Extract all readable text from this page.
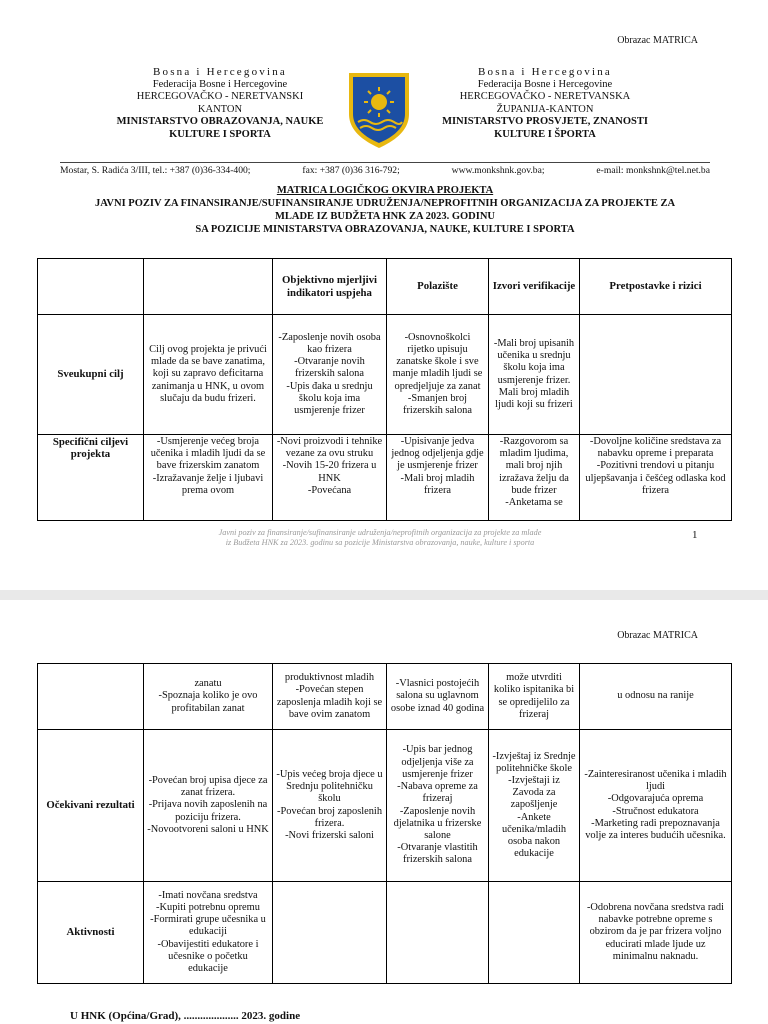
Obrazac MATRICA
Bosna i Hercegovina
Federacija Bosne i Hercegovine
HERCEGOVAČKO - NERETVANSKI
KANTON
MINISTARSTVO OBRAZOVANJA, NAUKE
KULTURE I SPORTA
Bosna i Hercegovina
Federacija Bosne i Hercegovine
HERCEGOVAČKO - NERETVANSKA
ŽUPANIJA-KANTON
MINISTARSTVO PROSVJETE, ZNANOSTI
KULTURE I ŠPORTA
Mostar, S. Radića 3/III, tel.: +387 (0)36-334-400;	fax: +387 (0)36 316-792;	www.monkshnk.gov.ba;	e-mail: monkshnk@tel.net.ba
MATRICA LOGIČKOG OKVIRA PROJEKTA
JAVNI POZIV ZA FINANSIRANJE/SUFINANSIRANJE UDRUŽENJA/NEPROFITNIH ORGANIZACIJA ZA PROJEKTE ZA
MLADE IZ BUDŽETA HNK ZA 2023. GODINU
SA POZICIJE MINISTARSTVA OBRAZOVANJA, NAUKE, KULTURE I SPORTA
		Objektivno mjerljivi indikatori uspjeha	Polazište	Izvori verifikacije	Pretpostavke i rizici
Sveukupni cilj	Cilj ovog projekta je privući mlade da se bave zanatima, koji su zapravo deficitarna zanimanja u HNK, u ovom slučaju da budu frizeri.	-Zaposlenje novih osoba kao frizera
-Otvaranje novih frizerskih salona
-Upis đaka u srednju školu koja ima usmjerenje frizer	-Osnovnoškolci rijetko upisuju zanatske škole i sve manje mladih ljudi se opredjeljuje za zanat
-Smanjen broj frizerskih salona	-Mali broj upisanih učenika u srednju školu koja ima usmjerenje frizer.
Mali broj mladih ljudi koji su frizeri	
Specifični ciljevi projekta	-Usmjerenje većeg broja učenika i mladih ljudi da se bave frizerskim zanatom
-Izražavanje želje i ljubavi prema ovom	-Novi proizvodi i tehnike vezane za ovu struku
-Novih 15-20 frizera u HNK
-Povećana	-Upisivanje jedva jednog odjeljenja gdje je usmjerenje frizer
-Mali broj mladih frizera	-Razgovorom sa mladim ljudima, mali broj njih izražava želju da bude frizer
-Anketama se	-Dovoljne količine sredstava za nabavku opreme i preparata
-Pozitivni trendovi u pitanju uljepšavanja i češćeg odlaska kod frizera
Javni poziv za finansiranje/sufinansiranje udruženja/neprofitnih organizacija za projekte za mlade
iz Budžeta HNK za 2023. godinu sa pozicije Ministarstva obrazovanja, nauke, kulture i sporta
1
Obrazac MATRICA
	zanatu
-Spoznaja koliko je ovo profitabilan zanat	produktivnost mladih
-Povećan stepen zaposlenja mladih koji se bave ovim zanatom	-Vlasnici postojećih salona su uglavnom osobe iznad 40 godina	može utvrditi koliko ispitanika bi se opredijelilo za frizeraj	u odnosu na ranije
Očekivani rezultati	-Povećan broj upisa djece za zanat frizera.
-Prijava novih zaposlenih na poziciju frizera.
-Novootvoreni saloni u HNK	-Upis većeg broja djece u Srednju politehničku školu
-Povećan broj zaposlenih frizera.
-Novi frizerski saloni	-Upis bar jednog odjeljenja više za usmjerenje frizer
-Nabava opreme za frizeraj
-Zaposlenje novih djelatnika u frizerske salone
-Otvaranje vlastitih frizerskih salona	-Izvještaj iz Srednje politehničke škole
-Izvještaji iz Zavoda za zapošljenje
-Ankete učenika/mladih osoba nakon edukacije	-Zainteresiranost učenika i mladih ljudi
-Odgovarajuća oprema
-Stručnost edukatora
-Marketing radi prepoznavanja volje za interes budućih učesnika.
Aktivnosti	-Imati novčana sredstva
-Kupiti potrebnu opremu
-Formirati grupe učesnika u edukaciji
-Obavijestiti edukatore i učesnike o početku edukacije				-Odobrena novčana sredstva radi nabavke potrebne opreme s obzirom da je par frizera voljno educirati mlade ljude uz minimalnu naknadu.
U HNK (Općina/Grad), .................... 2023. godine
